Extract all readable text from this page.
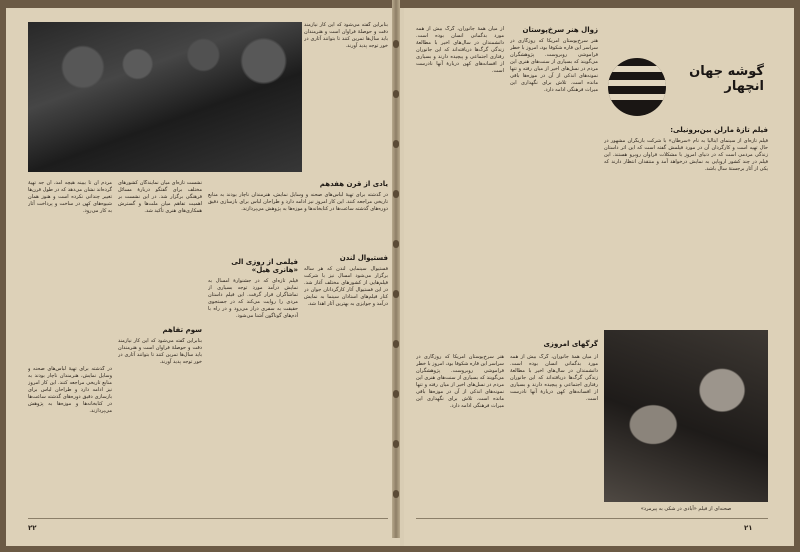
بنابراین گفته می‌شود که این کار نیازمند دقت و حوصلهٔ فراوان است و هنرمندان باید سال‌ها تمرین کنند تا بتوانند آثاری در خور توجه پدید آورند.
یادی از قرن هفدهم
در گذشته برای تهیهٔ لباس‌های صحنه و وسایل نمایش، هنرمندان ناچار بودند به منابع تاریخی مراجعه کنند. این کار امروز نیز ادامه دارد و طراحان لباس برای بازسازی دقیق دوره‌های گذشته ساعت‌ها در کتابخانه‌ها و موزه‌ها به پژوهش می‌پردازند.
مردم آن تا بیینه هیچه امد، آن جه تهیهٔ گرده‌اند نشان می‌دهد که در طول قرن‌ها تغییر چندانی نکرده است و هنوز همان شیوه‌های کهن در ساخت و پرداخت آثار به کار می‌رود.
نشست تازه‌ای میان نمایندگان کشورهای مختلف برای گفتگو دربارهٔ مسائل فرهنگی برگزار شد. در این نشست بر اهمیت تفاهم میان ملت‌ها و گسترش همکاری‌های هنری تأکید شد.
فیلمی از روزی الی «هانرى هيل»
فیلم تازه‌ای که در جشنوارهٔ امسال به نمایش درآمد مورد توجه بسیاری از تماشاگران قرار گرفت. این فیلم داستان مردی را روایت می‌کند که در جستجوی حقیقت به سفری دراز می‌رود و در راه با آدم‌های گوناگون آشنا می‌شود.
فستیوال لندن
فستیوال سینمایی لندن که هر ساله برگزار می‌شود امسال نیز با شرکت فیلم‌هایی از کشورهای مختلف آغاز شد. در این فستیوال آثار کارگردانان جوان در کنار فیلم‌های استادان سینما به نمایش درآمد و جوایزی به بهترین آثار اهدا شد.
سوم تفاهم
بنابراین گفته می‌شود که این کار نیازمند دقت و حوصلهٔ فراوان است و هنرمندان باید سال‌ها تمرین کنند تا بتوانند آثاری در خور توجه پدید آورند.
در گذشته برای تهیهٔ لباس‌های صحنه و وسایل نمایش، هنرمندان ناچار بودند به منابع تاریخی مراجعه کنند. این کار امروز نیز ادامه دارد و طراحان لباس برای بازسازی دقیق دوره‌های گذشته ساعت‌ها در کتابخانه‌ها و موزه‌ها به پژوهش می‌پردازند.
۲۲
گوشه جهان انچهار
فیلم تازهٔ مارلن بین‌برونیلی:
فیلم تازه‌ای از سینمای ایتالیا به نام «سرطان» با شرکت بازیگران مشهور در حال تهیه است و کارگردان آن در مورد فیلمش گفته است که این اثر داستان زندگی مردمی است که در دنیای امروز با مشکلات فراوان روبرو هستند. این فیلم در چند کشور اروپایی به نمایش درخواهد آمد و منتقدان انتظار دارند که یکی از آثار برجستهٔ سال باشد.
زوال هنر سرخ‌پوستان
هنر سرخ‌پوستان آمریکا که روزگاری در سراسر این قاره شکوفا بود، امروز با خطر فراموشی روبروست. پژوهشگران می‌گویند که بسیاری از سنت‌های هنری این مردم در نسل‌های اخیر از میان رفته و تنها نمونه‌های اندکی از آن در موزه‌ها باقی مانده است. تلاش برای نگهداری این میراث فرهنگی ادامه دارد.
از میان همهٔ جانوران، گرگ بیش از همه مورد بدگمانی انسان بوده است. دانشمندان در سال‌های اخیر با مطالعهٔ زندگی گرگ‌ها دریافته‌اند که این جانوران رفتاری اجتماعی و پیچیده دارند و بسیاری از افسانه‌های کهن دربارهٔ آنها نادرست است.
گرگهای امروزی
از میان همهٔ جانوران، گرگ بیش از همه مورد بدگمانی انسان بوده است. دانشمندان در سال‌های اخیر با مطالعهٔ زندگی گرگ‌ها دریافته‌اند که این جانوران رفتاری اجتماعی و پیچیده دارند و بسیاری از افسانه‌های کهن دربارهٔ آنها نادرست است.
هنر سرخ‌پوستان آمریکا که روزگاری در سراسر این قاره شکوفا بود، امروز با خطر فراموشی روبروست. پژوهشگران می‌گویند که بسیاری از سنت‌های هنری این مردم در نسل‌های اخیر از میان رفته و تنها نمونه‌های اندکی از آن در موزه‌ها باقی مانده است. تلاش برای نگهداری این میراث فرهنگی ادامه دارد.
صحنه‌ای از فیلم «آبادی در شکی به پیرمرد»
۲۱
